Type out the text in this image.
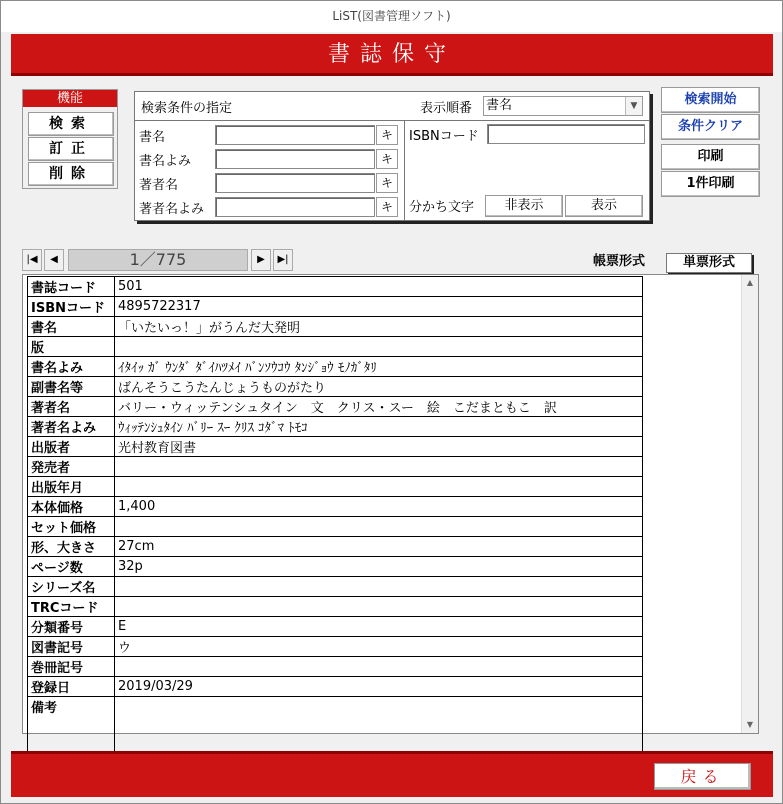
LiST(図書管理ソフト)
書誌保守
機能
検索
訂正
削除
検索条件の指定	表示順番 書名	▼
書名	キ
書名よみ	キ
著者名	キ
著者名よみ	キ
ISBNコード
分かち文字	非表示	表示
検索開始
条件クリア
印刷
1件印刷
|◀	◀	1／775	▶	▶|	帳票形式	単票形式
書誌コード	501
ISBNコード	4895722317
書名	「いたいっ！」がうんだ大発明
版	
書名よみ	ｲﾀｲｯ ｶﾞ ｳﾝﾀﾞ ﾀﾞｲﾊﾂﾒｲ ﾊﾞﾝｿｳｺｳ ﾀﾝｼﾞｮｳ ﾓﾉｶﾞﾀﾘ
副書名等	ばんそうこうたんじょうものがたり
著者名	バリー・ウィッテンシュタイン　文　クリス・スー　絵　こだまともこ　訳
著者名よみ	ｳｨｯﾃﾝｼｭﾀｲﾝ ﾊﾞﾘｰ ｽｰ ｸﾘｽ ｺﾀﾞﾏ ﾄﾓｺ
出版者	光村教育図書
発売者	
出版年月	
本体価格	1,400
セット価格	
形、大きさ	27cm
ページ数	32p
シリーズ名	
TRCコード	
分類番号	E
図書記号	ウ
巻冊記号	
登録日	2019/03/29
備考	
▲
▼
戻る
